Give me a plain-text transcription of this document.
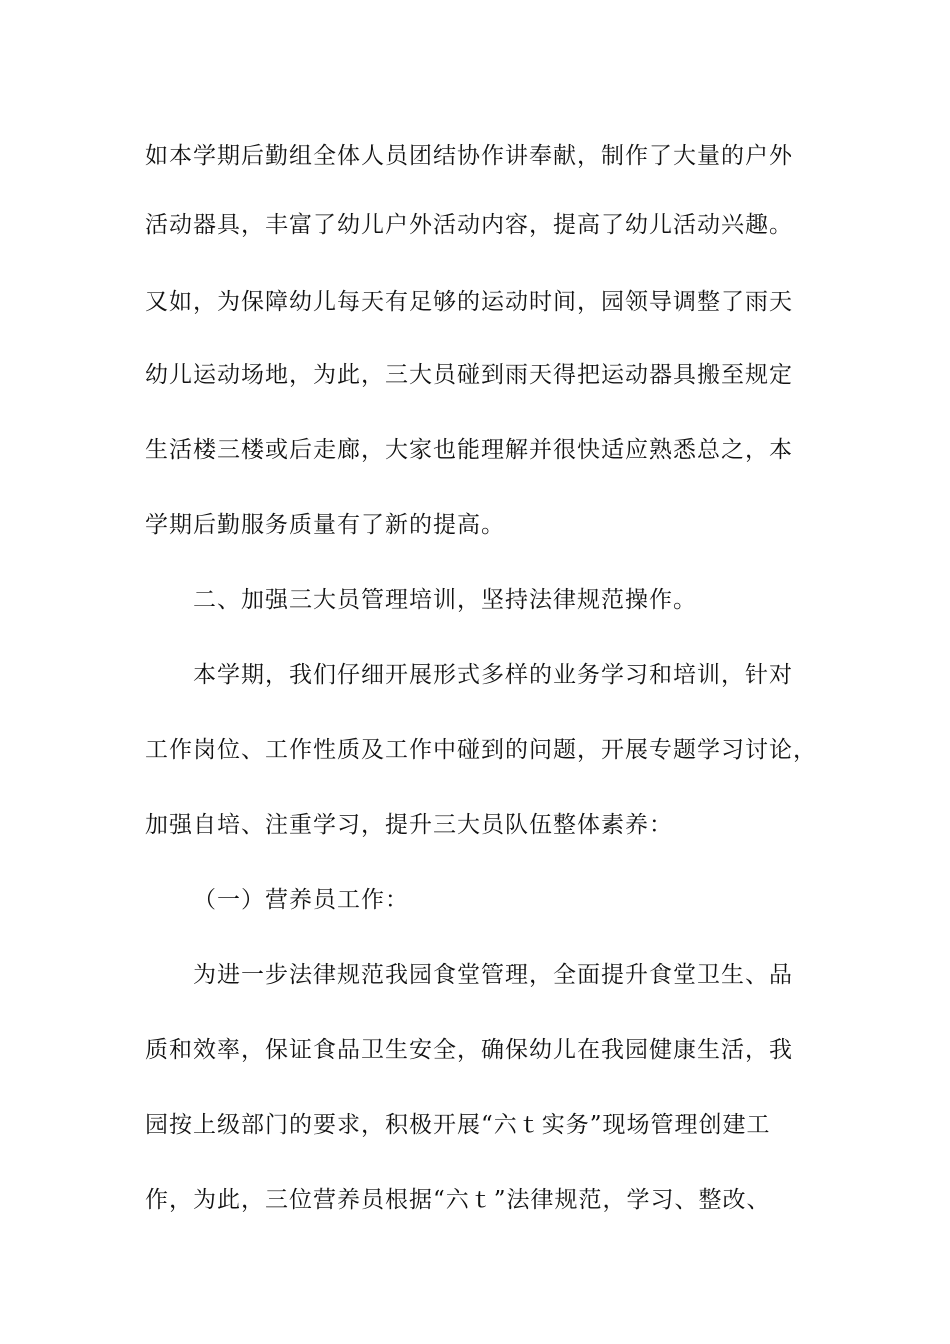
如本学期后勤组全体人员团结协作讲奉献，制作了大量的户外
活动器具，丰富了幼儿户外活动内容，提高了幼儿活动兴趣。
又如，为保障幼儿每天有足够的运动时间，园领导调整了雨天
幼儿运动场地，为此，三大员碰到雨天得把运动器具搬至规定
生活楼三楼或后走廊，大家也能理解并很快适应熟悉总之，本
学期后勤服务质量有了新的提高。
二、加强三大员管理培训，坚持法律规范操作。
本学期，我们仔细开展形式多样的业务学习和培训，针对
工作岗位、工作性质及工作中碰到的问题，开展专题学习讨论，
加强自培、注重学习，提升三大员队伍整体素养：
（一）营养员工作：
为进一步法律规范我园食堂管理，全面提升食堂卫生、品
质和效率，保证食品卫生安全，确保幼儿在我园健康生活，我
园按上级部门的要求，积极开展“六ｔ实务”现场管理创建工
作，为此，三位营养员根据“六ｔ”法律规范，学习、整改、
